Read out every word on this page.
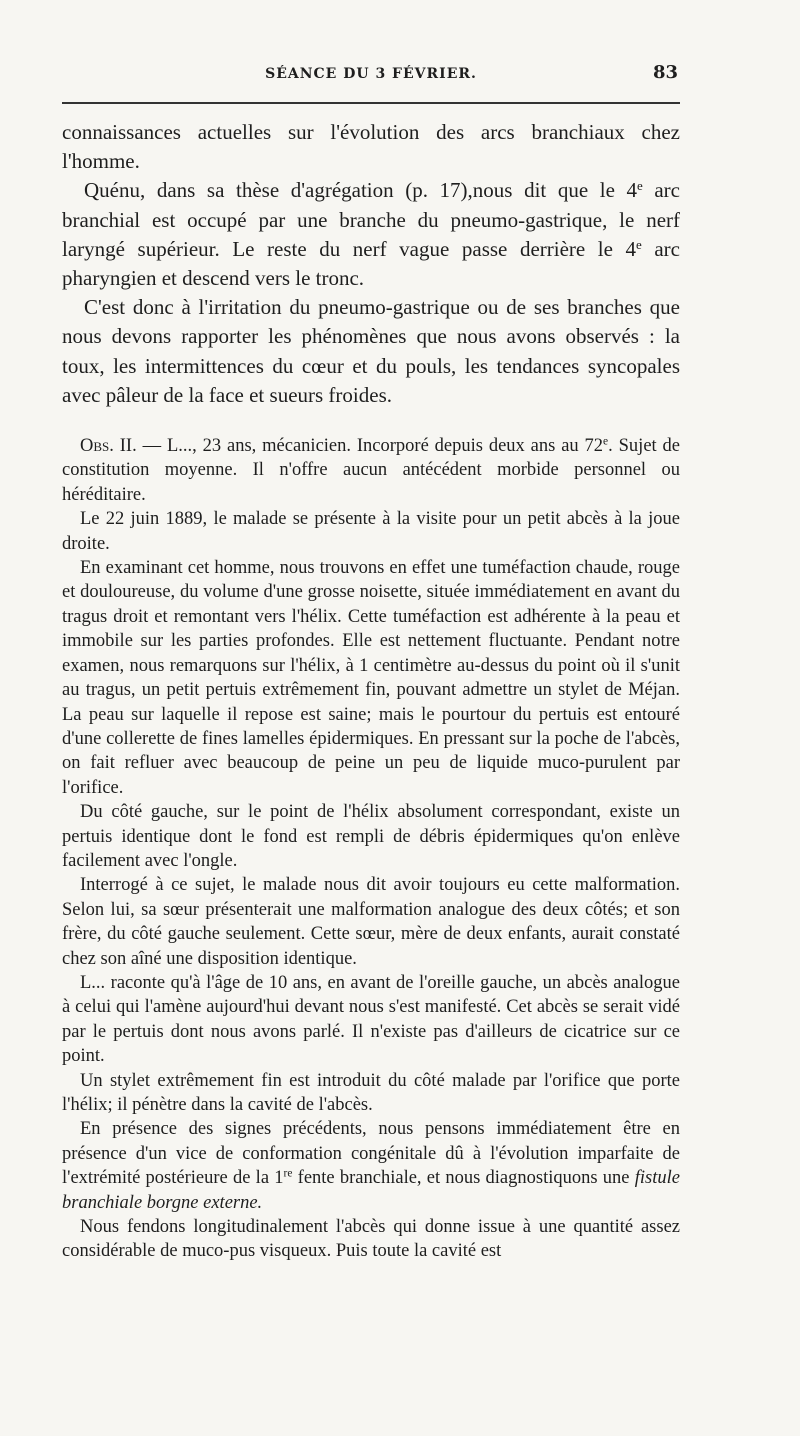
SÉANCE DU 3 FÉVRIER.	83

connaissances actuelles sur l'évolution des arcs branchiaux chez l'homme.

Quénu, dans sa thèse d'agrégation (p. 17),nous dit que le 4e arc branchial est occupé par une branche du pneumo-gastrique, le nerf laryngé supérieur. Le reste du nerf vague passe derrière le 4e arc pharyngien et descend vers le tronc.

C'est donc à l'irritation du pneumo-gastrique ou de ses branches que nous devons rapporter les phénomènes que nous avons observés : la toux, les intermittences du cœur et du pouls, les tendances syncopales avec pâleur de la face et sueurs froides.

Obs. II. — L..., 23 ans, mécanicien. Incorporé depuis deux ans au 72e. Sujet de constitution moyenne. Il n'offre aucun antécédent morbide personnel ou héréditaire.

Le 22 juin 1889, le malade se présente à la visite pour un petit abcès à la joue droite.

En examinant cet homme, nous trouvons en effet une tuméfaction chaude, rouge et douloureuse, du volume d'une grosse noisette, située immédiatement en avant du tragus droit et remontant vers l'hélix. Cette tuméfaction est adhérente à la peau et immobile sur les parties profondes. Elle est nettement fluctuante. Pendant notre examen, nous remarquons sur l'hélix, à 1 centimètre au-dessus du point où il s'unit au tragus, un petit pertuis extrêmement fin, pouvant admettre un stylet de Méjan. La peau sur laquelle il repose est saine; mais le pourtour du pertuis est entouré d'une collerette de fines lamelles épidermiques. En pressant sur la poche de l'abcès, on fait refluer avec beaucoup de peine un peu de liquide muco-purulent par l'orifice.

Du côté gauche, sur le point de l'hélix absolument correspondant, existe un pertuis identique dont le fond est rempli de débris épidermiques qu'on enlève facilement avec l'ongle.

Interrogé à ce sujet, le malade nous dit avoir toujours eu cette malformation. Selon lui, sa sœur présenterait une malformation analogue des deux côtés; et son frère, du côté gauche seulement. Cette sœur, mère de deux enfants, aurait constaté chez son aîné une disposition identique.

L... raconte qu'à l'âge de 10 ans, en avant de l'oreille gauche, un abcès analogue à celui qui l'amène aujourd'hui devant nous s'est manifesté. Cet abcès se serait vidé par le pertuis dont nous avons parlé. Il n'existe pas d'ailleurs de cicatrice sur ce point.

Un stylet extrêmement fin est introduit du côté malade par l'orifice que porte l'hélix; il pénètre dans la cavité de l'abcès.

En présence des signes précédents, nous pensons immédiatement être en présence d'un vice de conformation congénitale dû à l'évolution imparfaite de l'extrémité postérieure de la 1re fente branchiale, et nous diagnostiquons une fistule branchiale borgne externe.

Nous fendons longitudinalement l'abcès qui donne issue à une quantité assez considérable de muco-pus visqueux. Puis toute la cavité est
